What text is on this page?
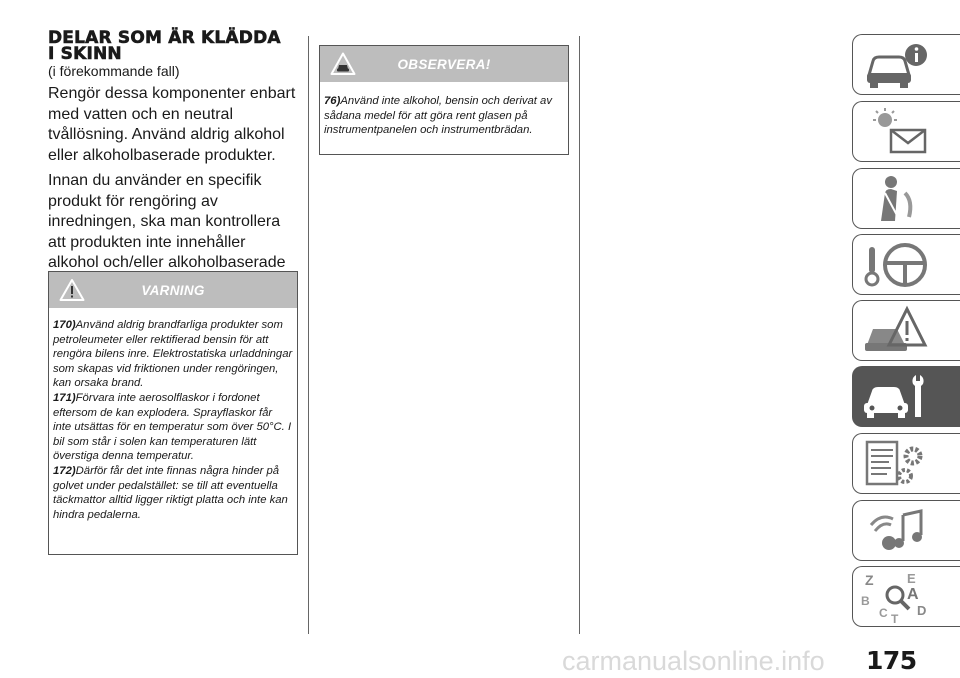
DELAR SOM ÄR KLÄDDA
I SKINN
(i förekommande fall)

Rengör dessa komponenter enbart med vatten och en neutral tvållösning. Använd aldrig alkohol eller alkoholbaserade produkter.

Innan du använder en specifik produkt för rengöring av inredningen, ska man kontrollera att produkten inte innehåller alkohol och/eller alkoholbaserade

VARNING

170)Använd aldrig brandfarliga produkter som petroleumeter eller rektifierad bensin för att rengöra bilens inre. Elektrostatiska urladdningar som skapas vid friktionen under rengöringen, kan orsaka brand.

171)Förvara inte aerosolflaskor i fordonet eftersom de kan explodera. Sprayflaskor får inte utsättas för en temperatur som över 50°C. I bil som står i solen kan temperaturen lätt överstiga denna temperatur.

172)Därför får det inte finnas några hinder på golvet under pedalstället: se till att eventuella täckmattor alltid ligger riktigt platta och inte kan hindra pedalerna.

OBSERVERA!

76)Använd inte alkohol, bensin och derivat av sådana medel för att göra rent glasen på instrumentpanelen och instrumentbrädan.

Z	E
A
B
C D
T
carmanualsonline.info 175
